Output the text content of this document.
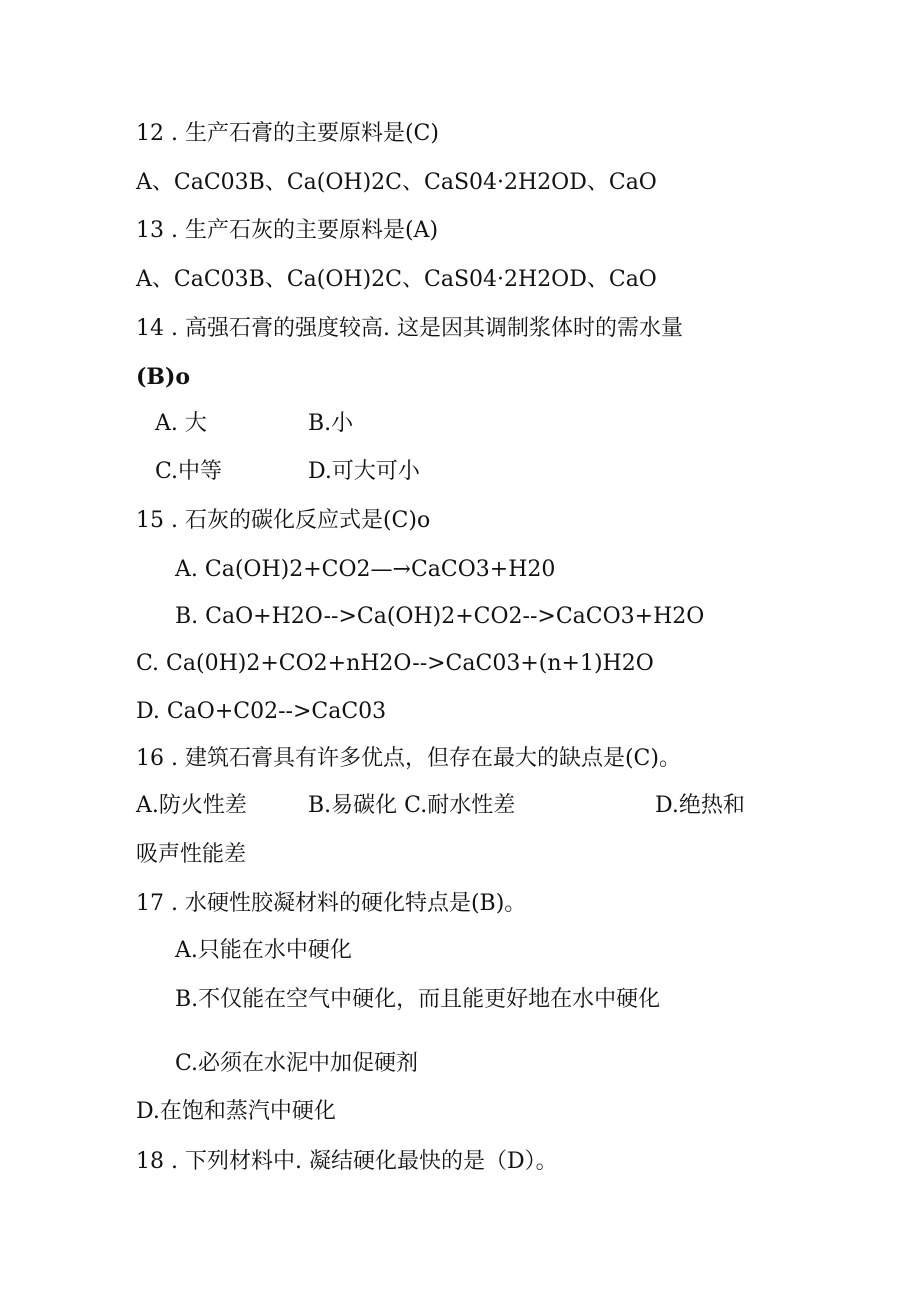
12 . 生产石膏的主要原料是(C)
A、CaC03B、Ca(OH)2C、CaS04·2H2OD、CaO
13 . 生产石灰的主要原料是(A)
A、CaC03B、Ca(OH)2C、CaS04·2H2OD、CaO
14 . 高强石膏的强度较高. 这是因其调制浆体时的需水量
(B)o
A. 大	B.小
C.中等	D.可大可小
15 . 石灰的碳化反应式是(C)o
A. Ca(OH)2+CO2—→CaCO3+H20
B. CaO+H2O-->Ca(OH)2+CO2-->CaCO3+H2O
C. Ca(0H)2+CO2+nH2O-->CaC03+(n+1)H2O
D. CaO+C02-->CaC03
16 . 建筑石膏具有许多优点，但存在最大的缺点是(C)。
A.防火性差	B.易碳化 C.耐水性差	D.绝热和
吸声性能差
17 . 水硬性胶凝材料的硬化特点是(B)。
A.只能在水中硬化
B.不仅能在空气中硬化，而且能更好地在水中硬化
C.必须在水泥中加促硬剂
D.在饱和蒸汽中硬化
18 . 下列材料中. 凝结硬化最快的是（D）。
